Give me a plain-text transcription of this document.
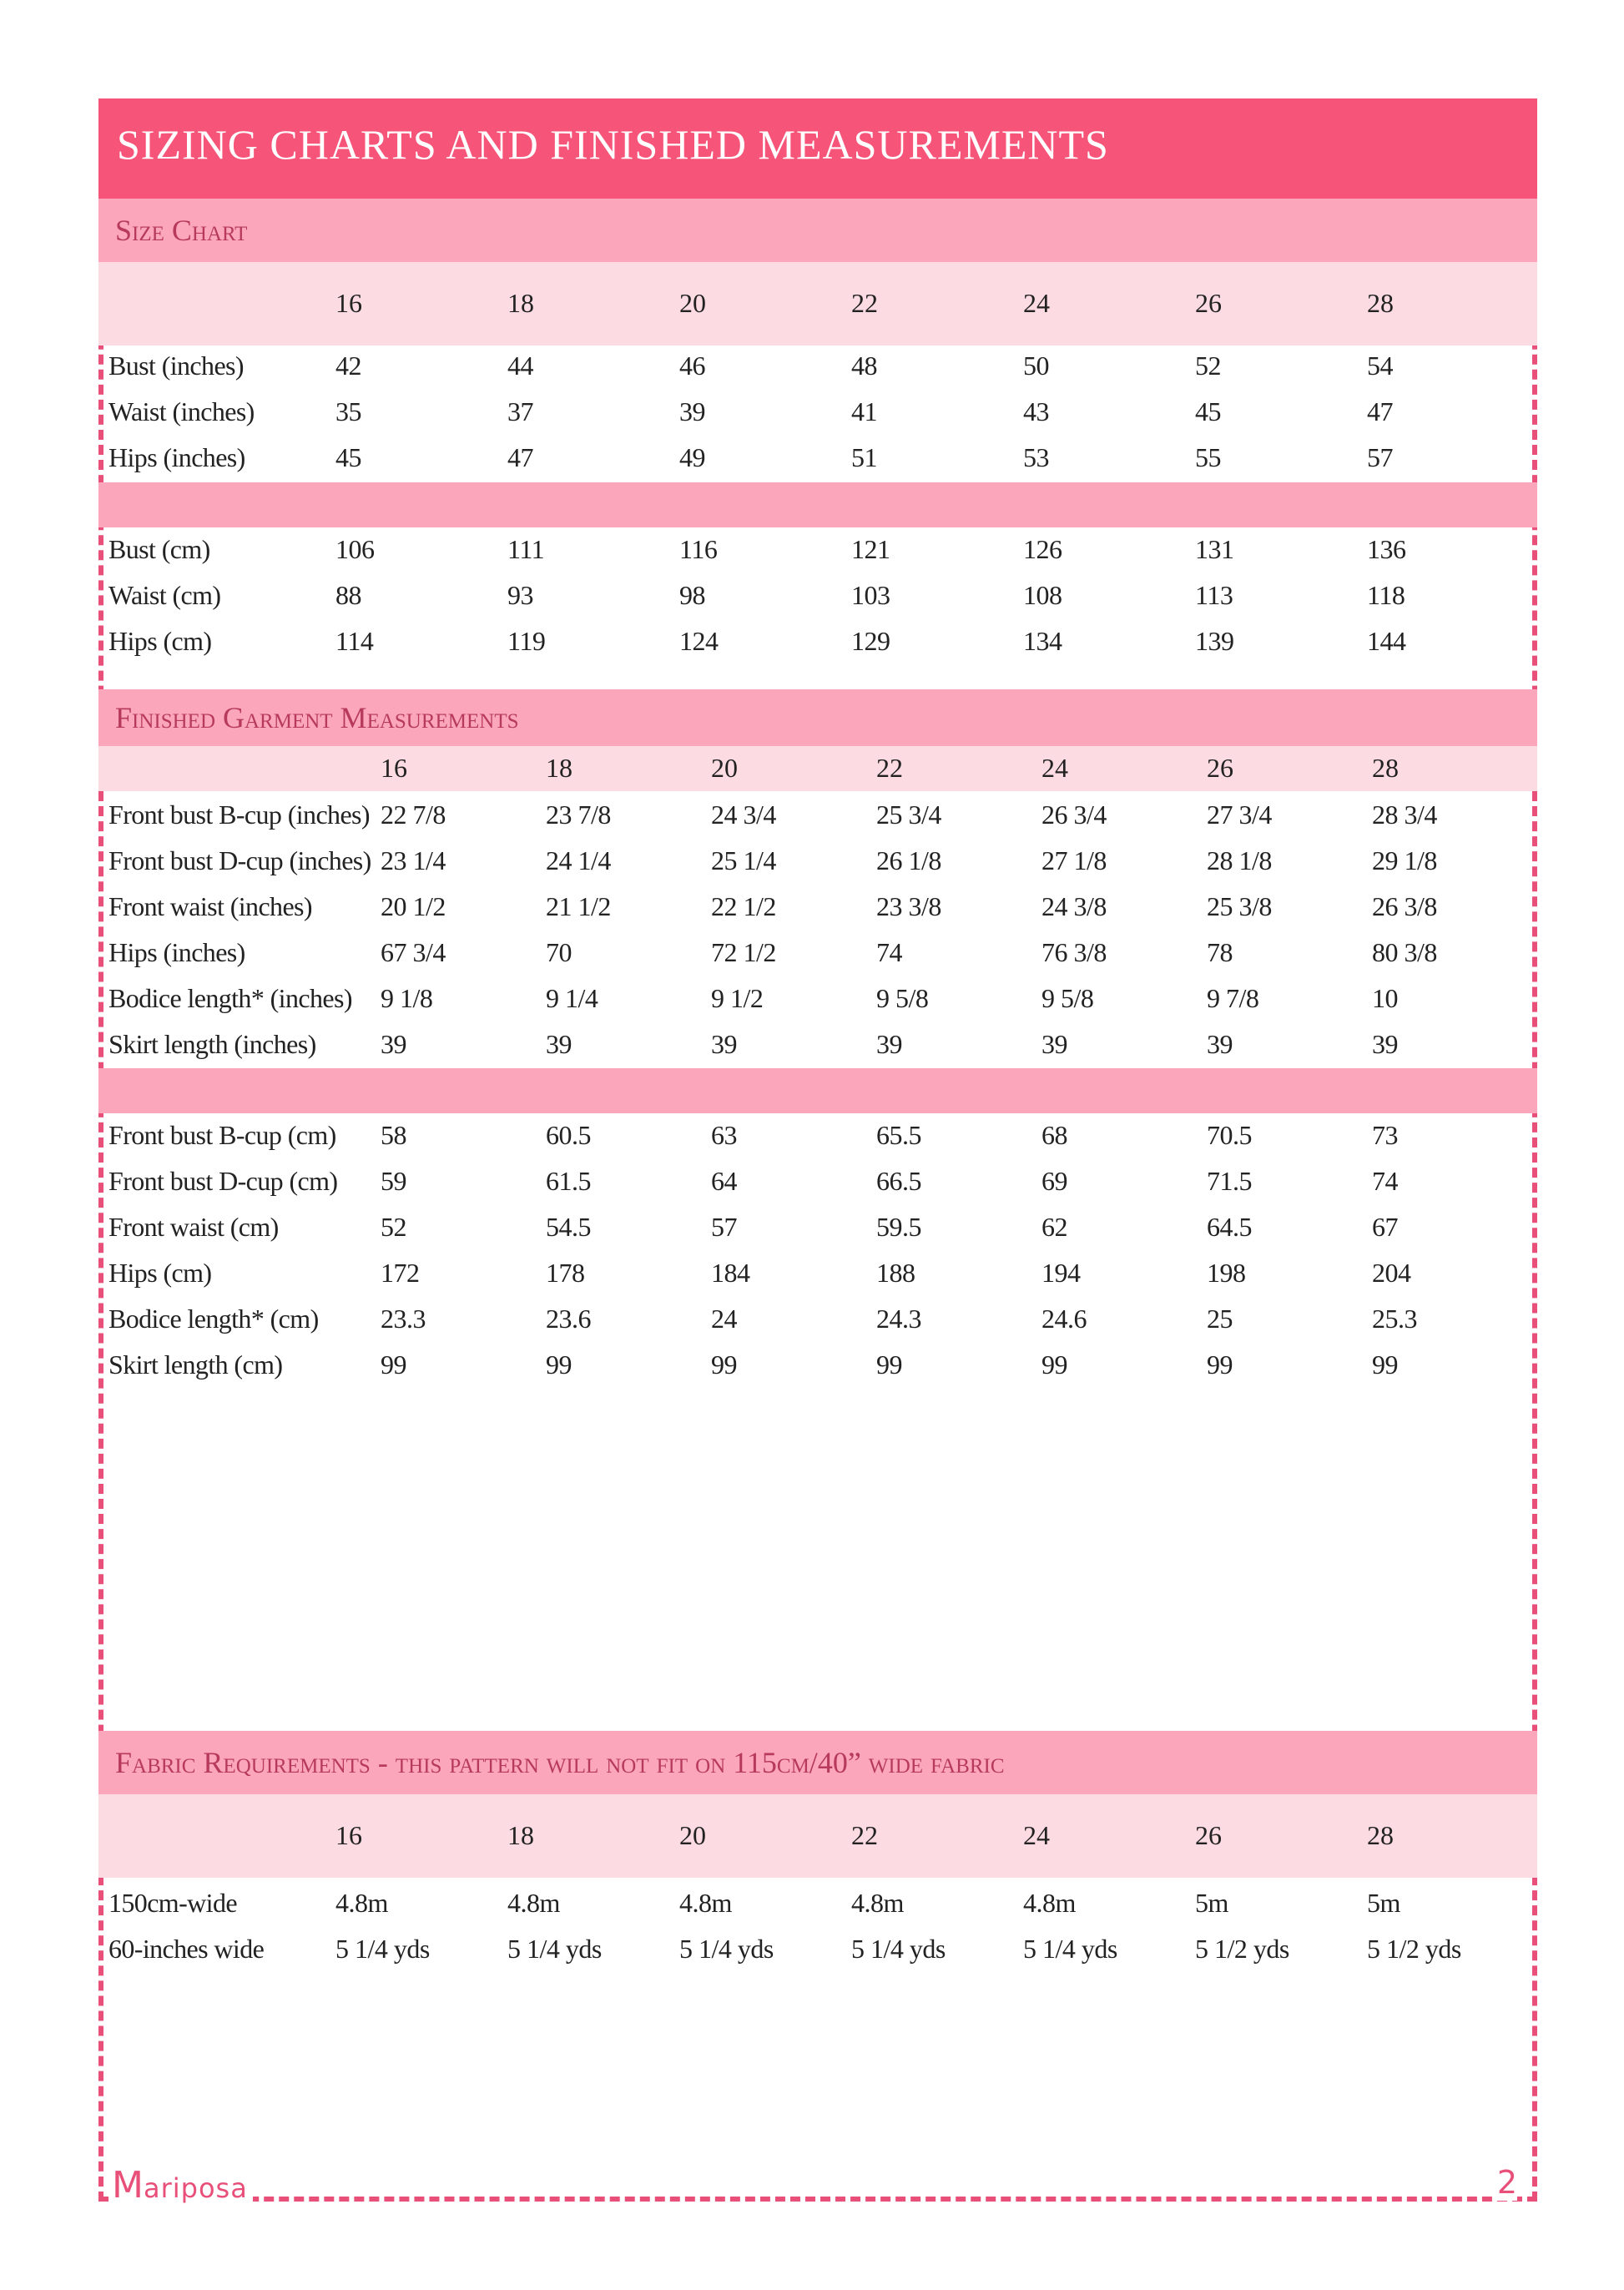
SIZING CHARTS AND FINISHED MEASUREMENTS
Size Chart
16	18	20	22	24	26	28
Bust (inches)	42	44	46	48	50	52	54
Waist (inches)	35	37	39	41	43	45	47
Hips (inches)	45	47	49	51	53	55	57
Bust (cm)	106	111	116	121	126	131	136
Waist (cm)	88	93	98	103	108	113	118
Hips (cm)	114	119	124	129	134	139	144
Finished Garment Measurements
16	18	20	22	24	26	28
Front bust B-cup (inches) 22 7/8	23 7/8	24 3/4	25 3/4	26 3/4	27 3/4	28 3/4
Front bust D-cup (inches) 23 1/4	24 1/4	25 1/4	26 1/8	27 1/8	28 1/8	29 1/8
Front waist (inches)	20 1/2	21 1/2	22 1/2	23 3/8	24 3/8	25 3/8	26 3/8
Hips (inches)	67 3/4	70	72 1/2	74	76 3/8	78	80 3/8
Bodice length* (inches) 9 1/8	9 1/4	9 1/2	9 5/8	9 5/8	9 7/8	10
Skirt length (inches) 39	39	39	39	39	39	39
Front bust B-cup (cm) 58	60.5	63	65.5	68	70.5	73
Front bust D-cup (cm) 59	61.5	64	66.5	69	71.5	74
Front waist (cm)	52	54.5	57	59.5	62	64.5	67
Hips (cm)	172	178	184	188	194	198	204
Bodice length* (cm) 23.3	23.6	24	24.3	24.6	25	25.3
Skirt length (cm)	99	99	99	99	99	99	99
Fabric Requirements - this pattern will not fit on 115cm/40” wide fabric
16	18	20	22	24	26	28
150cm-wide	4.8m	4.8m	4.8m	4.8m	4.8m	5m	5m
60-inches wide	5 1/4 yds	5 1/4 yds	5 1/4 yds	5 1/4 yds	5 1/4 yds	5 1/2 yds	5 1/2 yds
Mariposa	2
